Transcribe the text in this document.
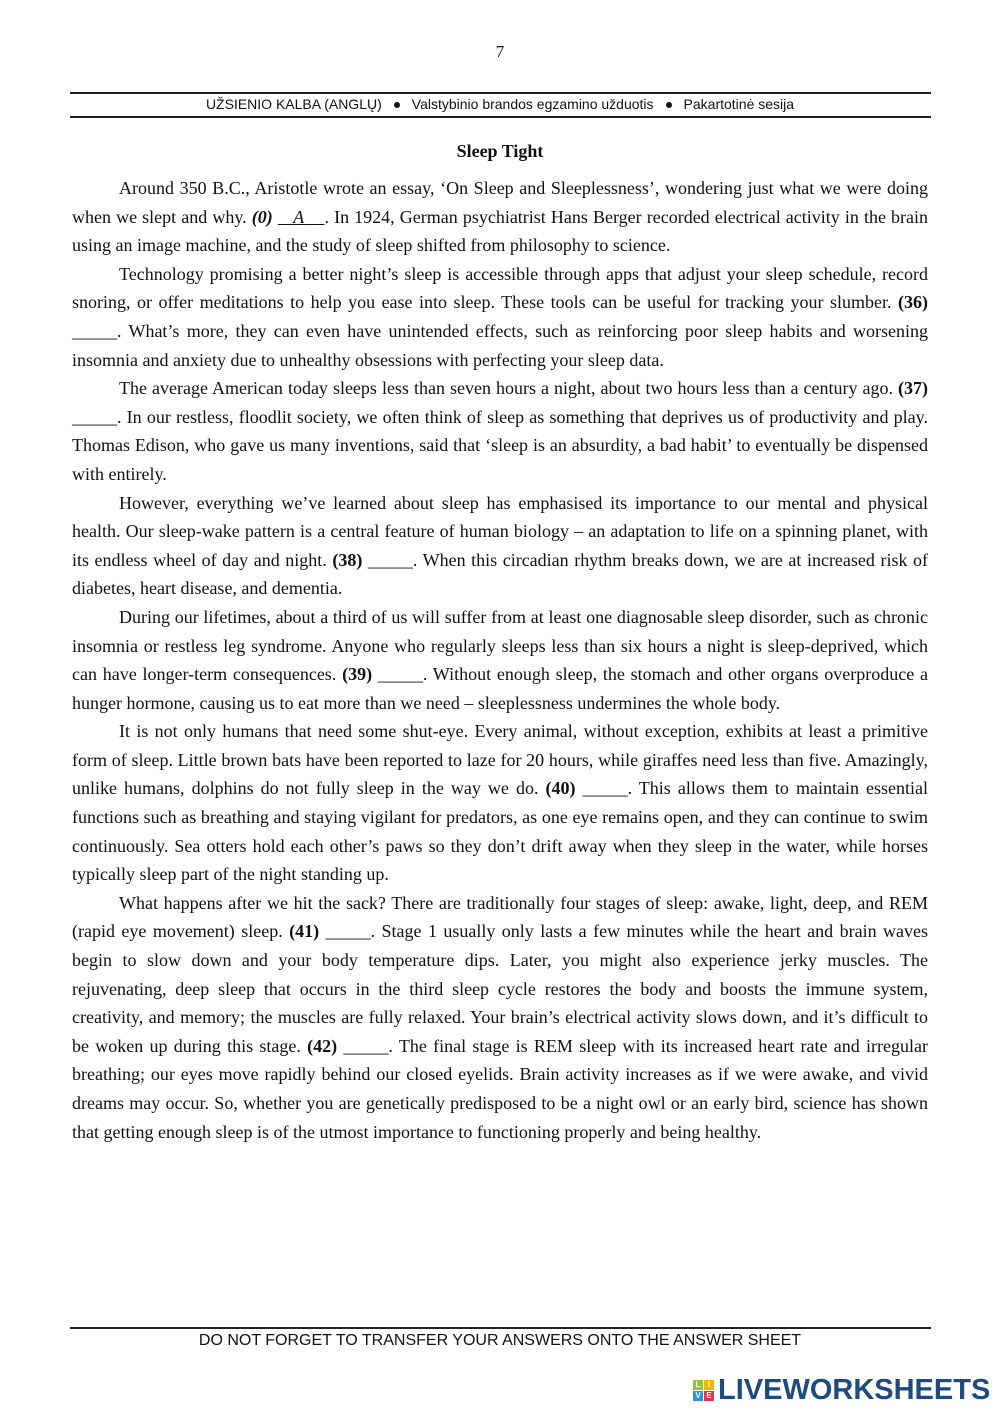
7
UŽSIENIO KALBA (ANGLŲ) Valstybinio brandos egzamino užduotis Pakartotinė sesija
Sleep Tight

Around 350 B.C., Aristotle wrote an essay, ‘On Sleep and Sleeplessness’, wondering just what we were doing when we slept and why. (0) A . In 1924, German psychiatrist Hans Berger recorded electrical activity in the brain using an image machine, and the study of sleep shifted from philosophy to science.

Technology promising a better night’s sleep is accessible through apps that adjust your sleep schedule, record snoring, or offer meditations to help you ease into sleep. These tools can be useful for tracking your slumber. (36) _____. What’s more, they can even have unintended effects, such as reinforcing poor sleep habits and worsening insomnia and anxiety due to unhealthy obsessions with perfecting your sleep data.

The average American today sleeps less than seven hours a night, about two hours less than a century ago. (37) _____. In our restless, floodlit society, we often think of sleep as something that deprives us of productivity and play. Thomas Edison, who gave us many inventions, said that ‘sleep is an absurdity, a bad habit’ to eventually be dispensed with entirely.

However, everything we’ve learned about sleep has emphasised its importance to our mental and physical health. Our sleep-wake pattern is a central feature of human biology – an adaptation to life on a spinning planet, with its endless wheel of day and night. (38) _____. When this circadian rhythm breaks down, we are at increased risk of diabetes, heart disease, and dementia.

During our lifetimes, about a third of us will suffer from at least one diagnosable sleep disorder, such as chronic insomnia or restless leg syndrome. Anyone who regularly sleeps less than six hours a night is sleep-deprived, which can have longer-term consequences. (39) _____. Without enough sleep, the stomach and other organs overproduce a hunger hormone, causing us to eat more than we need – sleeplessness undermines the whole body.

It is not only humans that need some shut-eye. Every animal, without exception, exhibits at least a primitive form of sleep. Little brown bats have been reported to laze for 20 hours, while giraffes need less than five. Amazingly, unlike humans, dolphins do not fully sleep in the way we do. (40) _____. This allows them to maintain essential functions such as breathing and staying vigilant for predators, as one eye remains open, and they can continue to swim continuously. Sea otters hold each other’s paws so they don’t drift away when they sleep in the water, while horses typically sleep part of the night standing up.

What happens after we hit the sack? There are traditionally four stages of sleep: awake, light, deep, and REM (rapid eye movement) sleep. (41) _____. Stage 1 usually only lasts a few minutes while the heart and brain waves begin to slow down and your body temperature dips. Later, you might also experience jerky muscles. The rejuvenating, deep sleep that occurs in the third sleep cycle restores the body and boosts the immune system, creativity, and memory; the muscles are fully relaxed. Your brain’s electrical activity slows down, and it’s difficult to be woken up during this stage. (42) _____. The final stage is REM sleep with its increased heart rate and irregular breathing; our eyes move rapidly behind our closed eyelids. Brain activity increases as if we were awake, and vivid dreams may occur. So, whether you are genetically predisposed to be a night owl or an early bird, science has shown that getting enough sleep is of the utmost importance to functioning properly and being healthy.

DO NOT FORGET TO TRANSFER YOUR ANSWERS ONTO THE ANSWER SHEET
L I
V E LIVEWORKSHEETS
